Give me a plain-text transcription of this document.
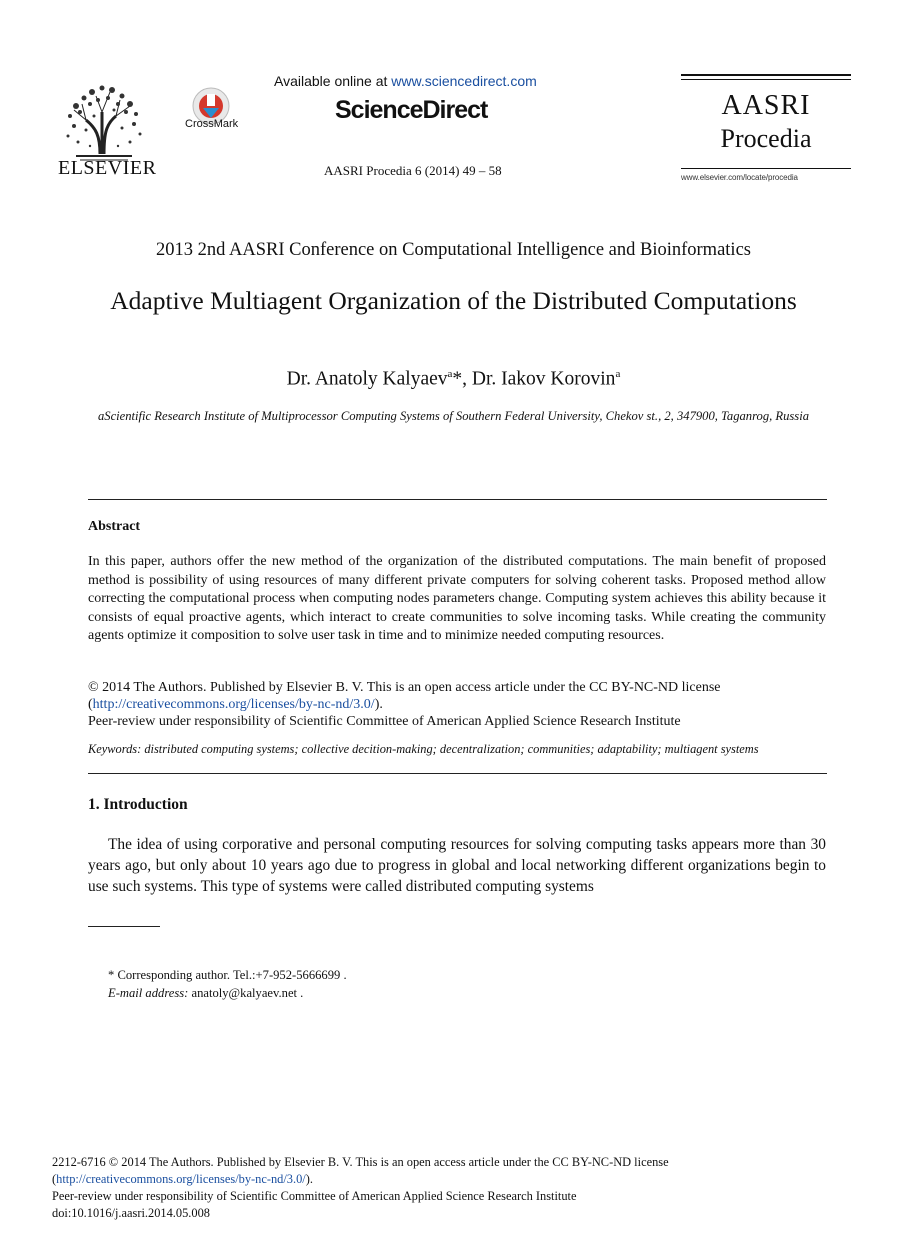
ELSEVIER
CrossMark
Available online at www.sciencedirect.com
ScienceDirect
AASRI Procedia 6 (2014) 49 – 58
AASRI
Procedia
www.elsevier.com/locate/procedia
2013 2nd AASRI Conference on Computational Intelligence and Bioinformatics
Adaptive Multiagent Organization of the Distributed Computations
Dr. Anatoly Kalyaev$^a$*, Dr. Iakov Korovin$^a$
aScientific Research Institute of Multiprocessor Computing Systems of Southern Federal University, Chekov st., 2, 347900, Taganrog, Russia
Abstract
In this paper, authors offer the new method of the organization of the distributed computations. The main benefit of proposed method is possibility of using resources of many different private computers for solving coherent tasks. Proposed method allow correcting the computational process when computing nodes parameters change. Computing system achieves this ability because it consists of equal proactive agents, which interact to create communities to solve incoming tasks. While creating the community agents optimize it composition to solve user task in time and to minimize needed computing resources.
© 2014 The Authors. Published by Elsevier B. V. This is an open access article under the CC BY-NC-ND license
(http://creativecommons.org/licenses/by-nc-nd/3.0/).
Peer-review under responsibility of Scientific Committee of American Applied Science Research Institute
Keywords: distributed computing systems; collective decition-making; decentralization; communities; adaptability; multiagent systems
1. Introduction
The idea of using corporative and personal computing resources for solving computing tasks appears more than 30 years ago, but only about 10 years ago due to progress in global and local networking different organizations begin to use such systems. This type of systems were called distributed computing systems
* Corresponding author. Tel.:+7-952-5666699 .
E-mail address: anatoly@kalyaev.net .
2212-6716 © 2014 The Authors. Published by Elsevier B. V. This is an open access article under the CC BY-NC-ND license
(http://creativecommons.org/licenses/by-nc-nd/3.0/).
Peer-review under responsibility of Scientific Committee of American Applied Science Research Institute
doi:10.1016/j.aasri.2014.05.008
